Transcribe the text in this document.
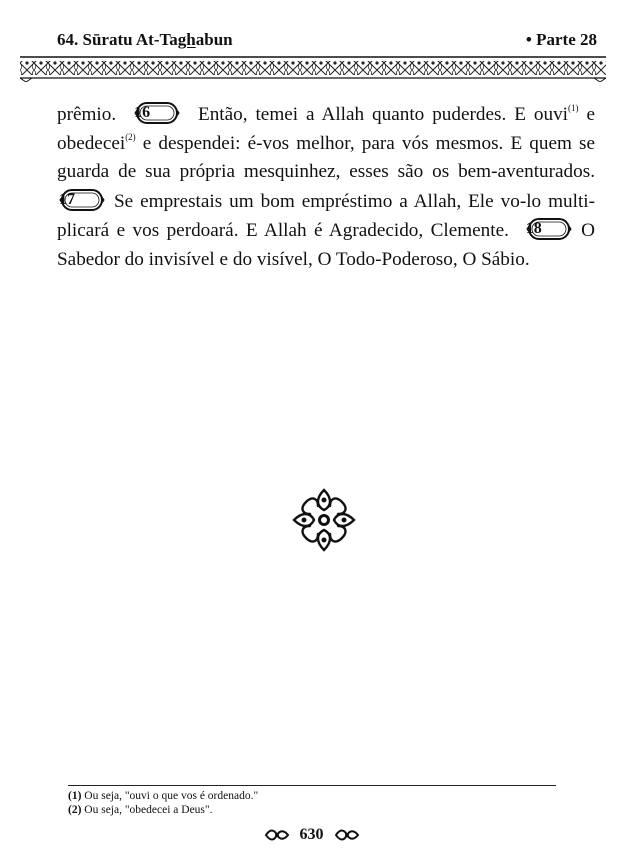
64. Sūratu At-Taghabun	• Parte 28
prêmio. 16	Então, temei a Allah quanto puderdes. E ouvi$^{(1)}$ e
obedecei$^{(2)}$ e despendei: é-vos melhor, para vós mesmos. E quem se
guarda de sua própria mesquinhez, esses são os bem-aventurados.
17	Se emprestais um bom empréstimo a Allah, Ele vo-lo multi-
plicará e vos perdoará. E Allah é Agradecido, Clemente. 18	O
Sabedor do invisível e do visível, O Todo-Poderoso, O Sábio.
(1) Ou seja, "ouvi o que vos é ordenado."
(2) Ou seja, "obedecei a Deus".
630
